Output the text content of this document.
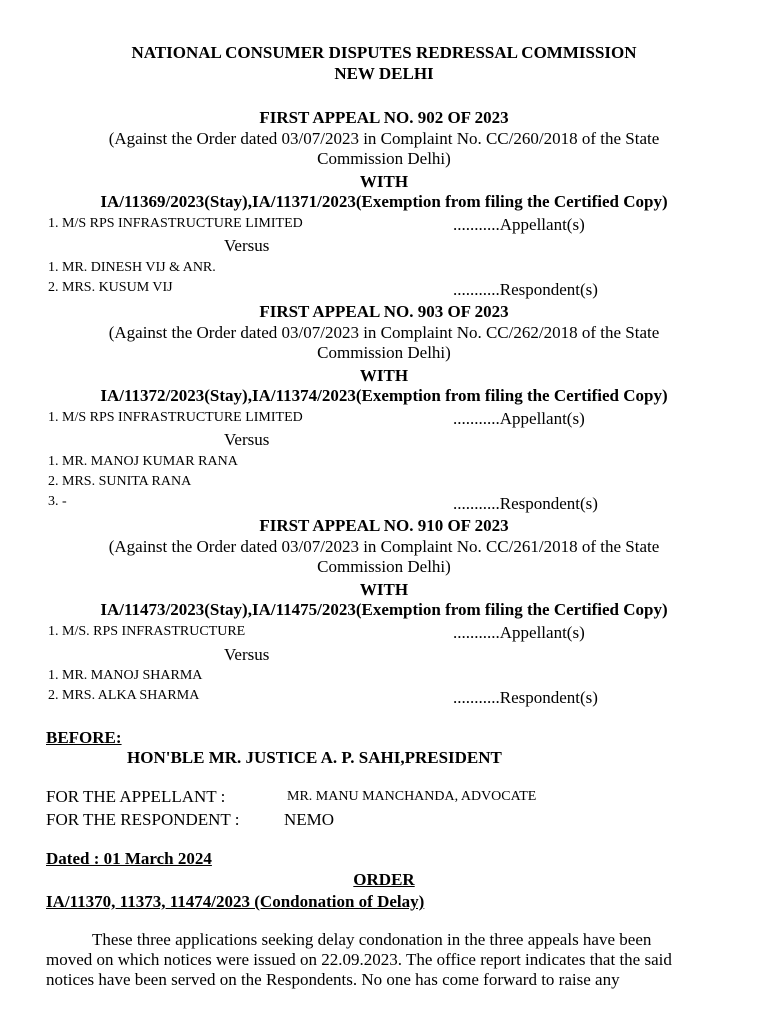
NATIONAL CONSUMER DISPUTES REDRESSAL COMMISSION
NEW DELHI
FIRST APPEAL NO. 902 OF 2023
(Against the Order dated 03/07/2023 in Complaint No. CC/260/2018 of the State
Commission Delhi)
WITH
IA/11369/2023(Stay),IA/11371/2023(Exemption from filing the Certified Copy)
1. M/S RPS INFRASTRUCTURE LIMITED	...........Appellant(s)
Versus
1. MR. DINESH VIJ & ANR.
2. MRS. KUSUM VIJ	...........Respondent(s)
FIRST APPEAL NO. 903 OF 2023
(Against the Order dated 03/07/2023 in Complaint No. CC/262/2018 of the State
Commission Delhi)
WITH
IA/11372/2023(Stay),IA/11374/2023(Exemption from filing the Certified Copy)
1. M/S RPS INFRASTRUCTURE LIMITED	...........Appellant(s)
Versus
1. MR. MANOJ KUMAR RANA
2. MRS. SUNITA RANA
3. -	...........Respondent(s)
FIRST APPEAL NO. 910 OF 2023
(Against the Order dated 03/07/2023 in Complaint No. CC/261/2018 of the State
Commission Delhi)
WITH
IA/11473/2023(Stay),IA/11475/2023(Exemption from filing the Certified Copy)
1. M/S. RPS INFRASTRUCTURE	...........Appellant(s)
Versus
1. MR. MANOJ SHARMA
2. MRS. ALKA SHARMA	...........Respondent(s)
BEFORE:
HON'BLE MR. JUSTICE A. P. SAHI,PRESIDENT
FOR THE APPELLANT :	MR. MANU MANCHANDA, ADVOCATE
FOR THE RESPONDENT :	NEMO
Dated : 01 March 2024
ORDER
IA/11370, 11373, 11474/2023 (Condonation of Delay)
These three applications seeking delay condonation in the three appeals have been
moved on which notices were issued on 22.09.2023. The office report indicates that the said
notices have been served on the Respondents. No one has come forward to raise any
